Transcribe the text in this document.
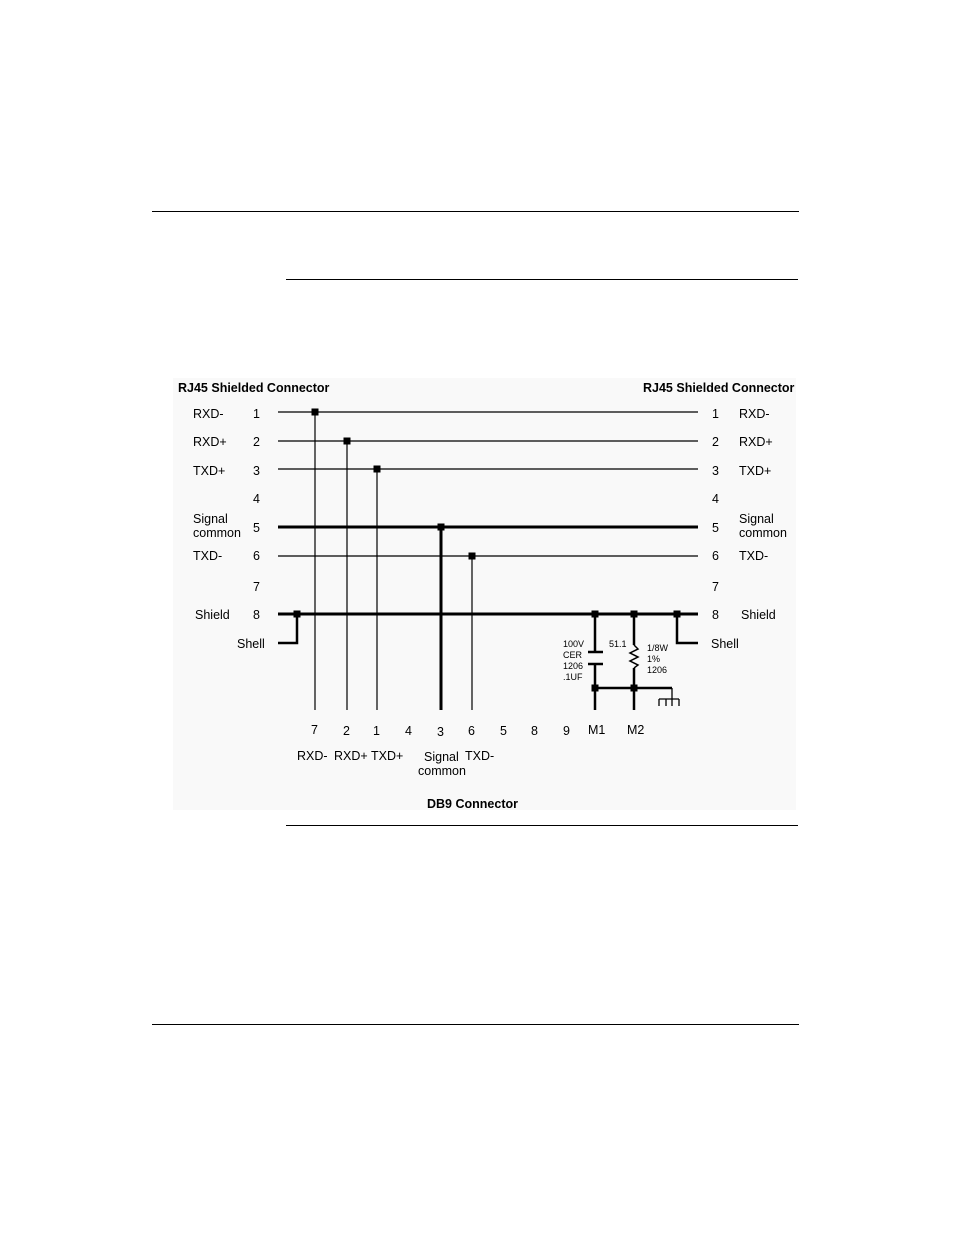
RJ45 Shielded Connector
RXD-
RXD+
TXD+
Signal
common
TXD-
Shield
Shell
1
2
3
4
5
6
7
8
RJ45 Shielded Connector
1
2
3
4
5
6
7
8
RXD-
RXD+
TXD+
Signal
common
TXD-
Shield
Shell
100V
CER
1206
.1UF
51.1 1/8W
1%
1206
7 2 1 4 3 6 5 8 9 M1 M2
RXD- RXD+ TXD+ Signal
common
TXD-
DB9 Connector
